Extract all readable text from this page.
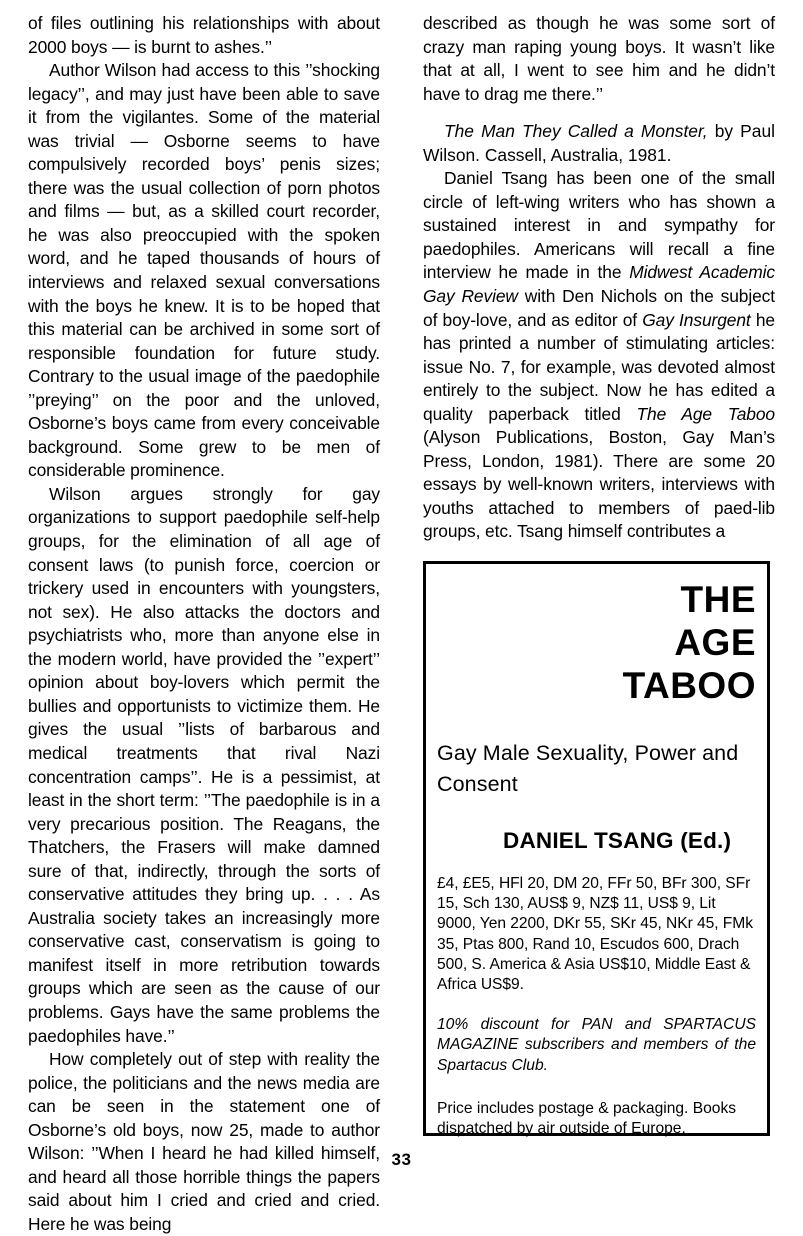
of files outlining his relationships with about 2000 boys — is burnt to ashes.’’

Author Wilson had access to this ’’shocking legacy’’, and may just have been able to save it from the vigilantes. Some of the material was trivial — Osborne seems to have compulsively recorded boys’ penis sizes; there was the usual collection of porn photos and films — but, as a skilled court recorder, he was also preoccupied with the spoken word, and he taped thousands of hours of interviews and relaxed sexual conversations with the boys he knew. It is to be hoped that this material can be archived in some sort of responsible foundation for future study. Contrary to the usual image of the paedophile ’’preying’’ on the poor and the unloved, Osborne’s boys came from every conceivable background. Some grew to be men of considerable prominence.

Wilson argues strongly for gay organizations to support paedophile self-help groups, for the elimination of all age of consent laws (to punish force, coercion or trickery used in encounters with youngsters, not sex). He also attacks the doctors and psychiatrists who, more than anyone else in the modern world, have provided the ’’expert’’ opinion about boy-lovers which permit the bullies and opportunists to victimize them. He gives the usual ’’lists of barbarous and medical treatments that rival Nazi concentration camps’’. He is a pessimist, at least in the short term: ’’The paedophile is in a very precarious position. The Reagans, the Thatchers, the Frasers will make damned sure of that, indirectly, through the sorts of conservative attitudes they bring up. . . . As Australia society takes an increasingly more conservative cast, conservatism is going to manifest itself in more retribution towards groups which are seen as the cause of our problems. Gays have the same problems the paedophiles have.’’

How completely out of step with reality the police, the politicians and the news media are can be seen in the statement one of Osborne’s old boys, now 25, made to author Wilson: ’’When I heard he had killed himself, and heard all those horrible things the papers said about him I cried and cried and cried. Here he was being

described as though he was some sort of crazy man raping young boys. It wasn’t like that at all, I went to see him and he didn’t have to drag me there.’’

The Man They Called a Monster, by Paul Wilson. Cassell, Australia, 1981.

Daniel Tsang has been one of the small circle of left-wing writers who has shown a sustained interest in and sympathy for paedophiles. Americans will recall a fine interview he made in the Midwest Academic Gay Review with Den Nichols on the subject of boy-love, and as editor of Gay Insurgent he has printed a number of stimulating articles: issue No. 7, for example, was devoted almost entirely to the subject. Now he has edited a quality paperback titled The Age Taboo (Alyson Publications, Boston, Gay Man’s Press, London, 1981). There are some 20 essays by well-known writers, interviews with youths attached to members of paed-lib groups, etc. Tsang himself contributes a

THE
AGE
TABOO

Gay Male Sexuality, Power and Consent

DANIEL TSANG (Ed.)

£4, £E5, HFl 20, DM 20, FFr 50, BFr 300, SFr 15, Sch 130, AUS$ 9, NZ$ 11, US$ 9, Lit 9000, Yen 2200, DKr 55, SKr 45, NKr 45, FMk 35, Ptas 800, Rand 10, Escudos 600, Drach 500, S. America & Asia US$10, Middle East & Africa US$9.

10% discount for PAN and SPARTACUS MAGAZINE subscribers and members of the Spartacus Club.

Price includes postage & packaging. Books dispatched by air outside of Europe.

33
